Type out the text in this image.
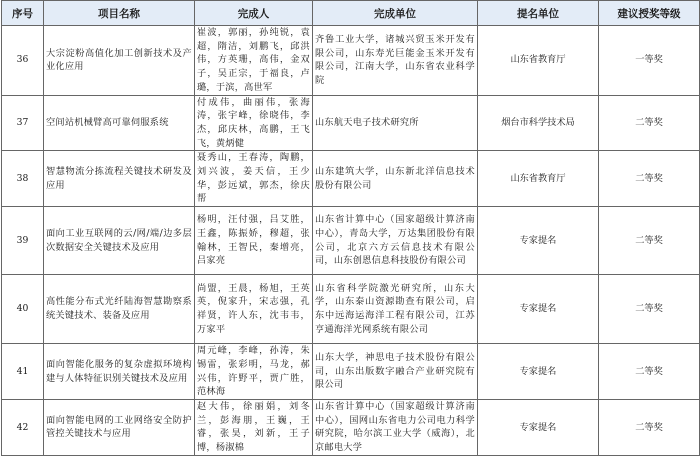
序号	项目名称	完成人	完成单位	提名单位	建议授奖等级
36	大宗淀粉高值化加工创新技术及产业化应用	崔波，郭丽，孙纯锐，袁超，隋洁，刘鹏飞，邱洪伟，方英珊，高伟，金双子，吴正宗，于福良，卢璐，于滨，高世军	齐鲁工业大学，诸城兴贸玉米开发有限公司，山东寿光巨能金玉米开发有限公司，江南大学，山东省农业科学院	山东省教育厅	一等奖
37	空间站机械臂高可靠伺服系统	付成伟，曲丽伟，张海涛，张宇峰，徐晓伟，李杰，邱庆林，高鹏，王飞飞，黄炳健	山东航天电子技术研究所	烟台市科学技术局	二等奖
38	智慧物流分拣流程关键技术研发及应用	聂秀山，王春涛，陶鹏，刘兴波，姜天信，王少华，彭远斌，郭杰，徐庆帮	山东建筑大学，山东新北洋信息技术股份有限公司	山东省教育厅	二等奖
39	面向工业互联网的云/网/端/边多层次数据安全关键技术及应用	杨明，汪付强，吕艾胜，王鑫，陈振娇，穆超，张翰林，王智民，秦增亮，吕家亮	山东省计算中心（国家超级计算济南中心），青岛大学，万达集团股份有限公司，北京六方云信息技术有限公司，山东创恩信息科技股份有限公司	专家提名	二等奖
40	高性能分布式光纤陆海智慧勘察系统关键技术、装备及应用	尚盟，王晨，杨旭，王英英，倪家升，宋志强，孔祥贤，许人东，沈韦韦，万家平	山东省科学院激光研究所，山东大学，山东泰山资源勘查有限公司，启东中远海运海洋工程有限公司，江苏亨通海洋光网系统有限公司	专家提名	二等奖
41	面向智能化服务的复杂虚拟环境构建与人体特征识别关键技术及应用	周元峰，李峰，孙涛，朱锡雷，张彩明，马龙，郝兴伟，许野平，贾广胜，范林海	山东大学，神思电子技术股份有限公司，山东出版数字融合产业研究院有限公司	专家提名	二等奖
42	面向智能电网的工业网络安全防护管控关键技术与应用	赵大伟，徐丽娟，刘冬兰，彭海朋，王巍，王睿，张昊，刘新，王子博，杨淑棉	山东省计算中心（国家超级计算济南中心），国网山东省电力公司电力科学研究院，哈尔滨工业大学（威海），北京邮电大学	专家提名	二等奖
